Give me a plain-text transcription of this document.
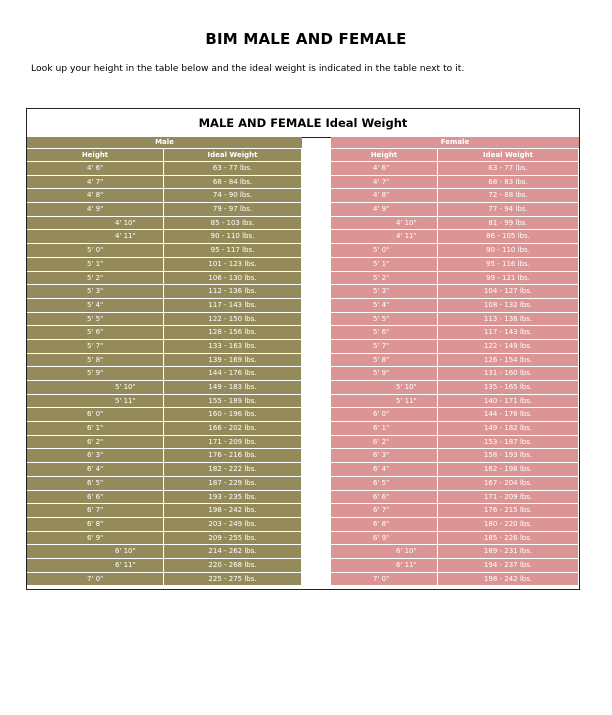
BIM MALE AND FEMALE
Look up your height in the table below and the ideal weight is indicated in the table next to it.
MALE AND FEMALE Ideal Weight
Male
Height	Ideal Weight
4' 6"	63 - 77 lbs.
4' 7"	68 - 84 lbs.
4' 8"	74 - 90 lbs.
4' 9"	79 - 97 lbs.
4' 10"	85 - 103 lbs.
4' 11"	90 - 110 lbs.
5' 0"	95 - 117 lbs.
5' 1"	101 - 123 lbs.
5' 2"	106 - 130 lbs.
5' 3"	112 - 136 lbs.
5' 4"	117 - 143 lbs.
5' 5"	122 - 150 lbs.
5' 6"	128 - 156 lbs.
5' 7"	133 - 163 lbs.
5' 8"	139 - 169 lbs.
5' 9"	144 - 176 lbs.
5' 10"	149 - 183 lbs.
5' 11"	155 - 189 lbs.
6' 0"	160 - 196 lbs.
6' 1"	166 - 202 lbs.
6' 2"	171 - 209 lbs.
6' 3"	176 - 216 lbs.
6' 4"	182 - 222 lbs.
6' 5"	187 - 229 lbs.
6' 6"	193 - 235 lbs.
6' 7"	198 - 242 lbs.
6' 8"	203 - 249 lbs.
6' 9"	209 - 255 lbs.
6' 10"	214 - 262 lbs.
6' 11"	220 - 268 lbs.
7' 0"	225 - 275 lbs.
Female
Height	Ideal Weight
4' 6"	63 - 77 lbs.
4' 7"	68 - 83 lbs.
4' 8"	72 - 88 lbs.
4' 9"	77 - 94 lbs.
4' 10"	81 - 99 lbs.
4' 11"	86 - 105 lbs.
5' 0"	90 - 110 lbs.
5' 1"	95 - 116 lbs.
5' 2"	99 - 121 lbs.
5' 3"	104 - 127 lbs.
5' 4"	108 - 132 lbs.
5' 5"	113 - 138 lbs.
5' 6"	117 - 143 lbs.
5' 7"	122 - 149 lbs.
5' 8"	126 - 154 lbs.
5' 9"	131 - 160 lbs.
5' 10"	135 - 165 lbs.
5' 11"	140 - 171 lbs.
6' 0"	144 - 176 lbs.
6' 1"	149 - 182 lbs.
6' 2"	153 - 187 lbs.
6' 3"	158 - 193 lbs.
6' 4"	162 - 198 lbs.
6' 5"	167 - 204 lbs.
6' 6"	171 - 209 lbs.
6' 7"	176 - 215 lbs.
6' 8"	180 - 220 lbs.
6' 9"	185 - 226 lbs.
6' 10"	189 - 231 lbs.
6' 11"	194 - 237 lbs.
7' 0"	198 - 242 lbs.
